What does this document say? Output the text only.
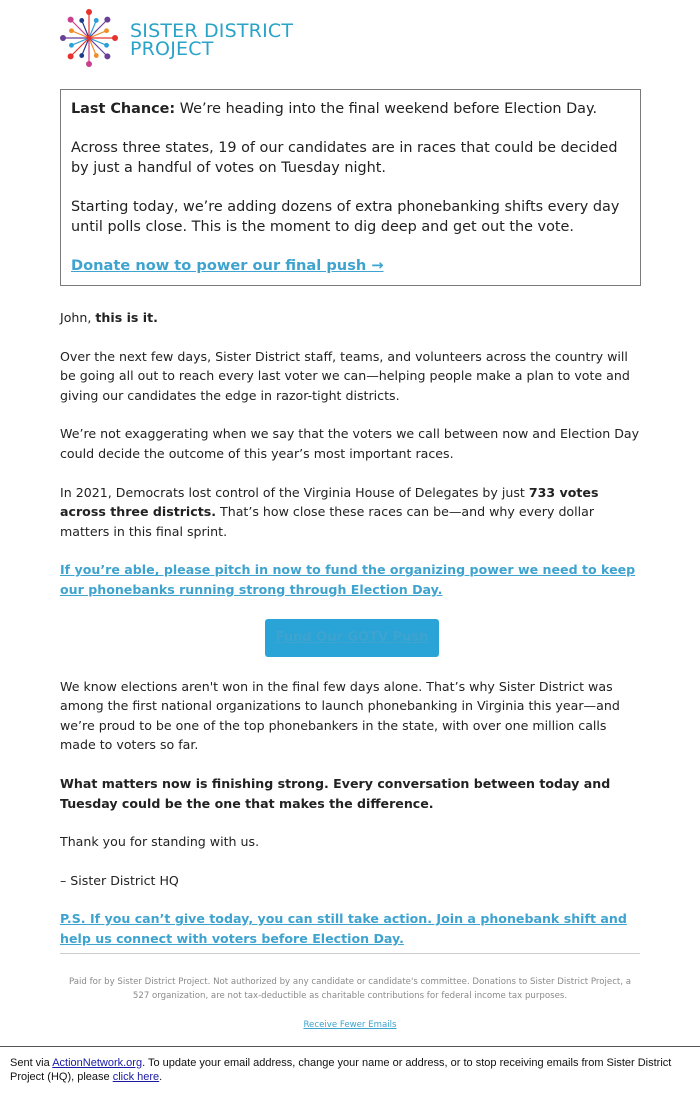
SISTER DISTRICT
PROJECT

Last Chance: We’re heading into the final weekend before Election Day.

Across three states, 19 of our candidates are in races that could be decided by just a handful of votes on Tuesday night.

Starting today, we’re adding dozens of extra phonebanking shifts every day until polls close. This is the moment to dig deep and get out the vote.

Donate now to power our final push →

John, this is it.

Over the next few days, Sister District staff, teams, and volunteers across the country will be going all out to reach every last voter we can—helping people make a plan to vote and giving our candidates the edge in razor-tight districts.

We’re not exaggerating when we say that the voters we call between now and Election Day could decide the outcome of this year’s most important races.

In 2021, Democrats lost control of the Virginia House of Delegates by just 733 votes across three districts. That’s how close these races can be—and why every dollar matters in this final sprint.

If you’re able, please pitch in now to fund the organizing power we need to keep our phonebanks running strong through Election Day.

Fund Our GOTV Push

We know elections aren't won in the final few days alone. That’s why Sister District was among the first national organizations to launch phonebanking in Virginia this year—and we’re proud to be one of the top phonebankers in the state, with over one million calls made to voters so far.

What matters now is finishing strong. Every conversation between today and Tuesday could be the one that makes the difference.

Thank you for standing with us.

– Sister District HQ

P.S. If you can’t give today, you can still take action. Join a phonebank shift and help us connect with voters before Election Day.

Paid for by Sister District Project. Not authorized by any candidate or candidate's committee. Donations to Sister District Project, a 527 organization, are not tax-deductible as charitable contributions for federal income tax purposes.
Receive Fewer Emails
Sent via ActionNetwork.org. To update your email address, change your name or address, or to stop receiving emails from Sister District Project (HQ), please click here.
